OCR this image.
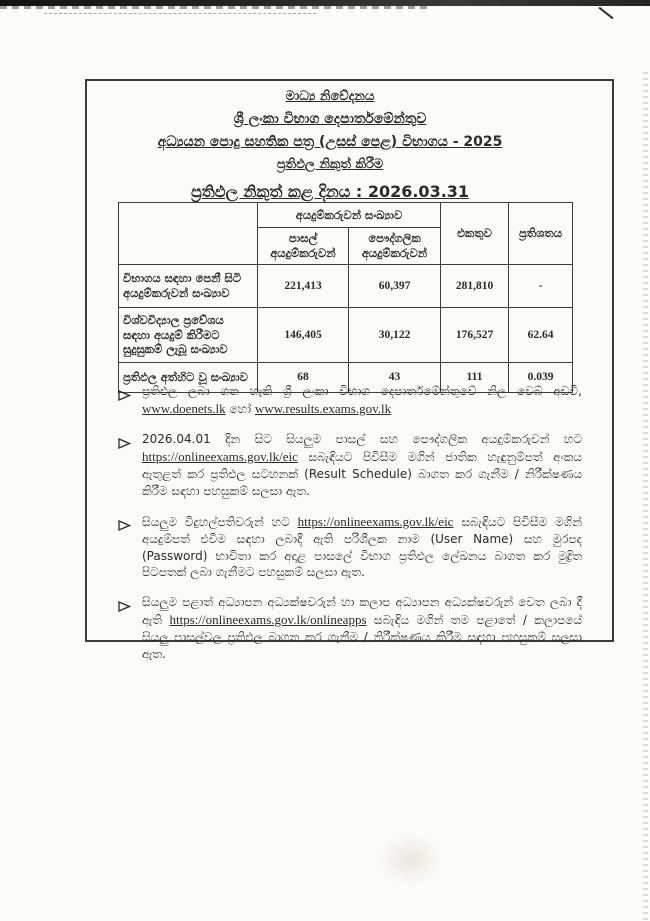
මාධ්‍ය නිවේදනය
ශ්‍රී ලංකා විභාග දෙපාර්තමේන්තුව
අධ්‍යයන පොදු සහතික පත්‍ර (උසස් පෙළ) විභාගය - 2025
ප්‍රතිඵල නිකුත් කිරීම
ප්‍රතිඵල නිකුත් කළ දිනය : 2026.03.31
	අයදුම්කරුවන් සංඛ්‍යාව		එකතුව	ප්‍රතිශතය
	පාසල් අයදුම්කරුවන්	පෞද්ගලික අයදුම්කරුවන්		
විභාගය සඳහා පෙනී සිටි අයදුම්කරුවන් සංඛ්‍යාව	221,413	60,397	281,810	-
විශ්වවිද්‍යාල ප්‍රවේශය සඳහා අයදුම් කිරීමට සුදුසුකම් ලැබූ සංඛ්‍යාව	146,405	30,122	176,527	62.64
ප්‍රතිඵල අත්හිට වූ සංඛ්‍යාව	68	43	111	0.039
ප්‍රතිඵල ලබා ගත හැකි ශ්‍රී ලංකා විභාග දෙපාර්තමේන්තුවේ නිල වෙබ් අඩවි, www.doenets.lk හෝ www.results.exams.gov.lk
2026.04.01 දින සිට සියලුම පාසල් සහ පෞද්ගලික අයදුම්කරුවන් හට https://onlineexams.gov.lk/eic සබැඳියට පිවිසීම මගින් ජාතික හැඳුනුම්පත් අංකය ඇතුළත් කර ප්‍රතිඵල සටහනක් (Result Schedule) බාගත කර ගැනීම / නිරීක්ෂණය කිරීම සඳහා පහසුකම් සලසා ඇත.
සියලුම විදුහල්පතිවරුන් හට https://onlineexams.gov.lk/eic සබැඳියට පිවිසීම මගින් අයදුම්පත් එවීම සඳහා ලබාදී ඇති පරිශීලක නාම (User Name) සහ මුරපද (Password) භාවිතා කර අදාළ පාසලේ විභාග ප්‍රතිඵල ලේඛනය බාගත කර මුද්‍රිත පිටපතක් ලබා ගැනීමට පහසුකම් සලසා ඇත.
සියලුම පළාත් අධ්‍යාපන අධ්‍යක්ෂවරුන් හා කලාප අධ්‍යාපන අධ්‍යක්ෂවරුන් වෙත ලබා දී ඇති https://onlineexams.gov.lk/onlineapps සබැඳිය මගින් තම පළාතේ / කලාපයේ සියලු පාසල්වල ප්‍රතිඵල බාගත කර ගැනීම / නිරීක්ෂණය කිරීම සඳහා පහසුකම් සලසා ඇත.
